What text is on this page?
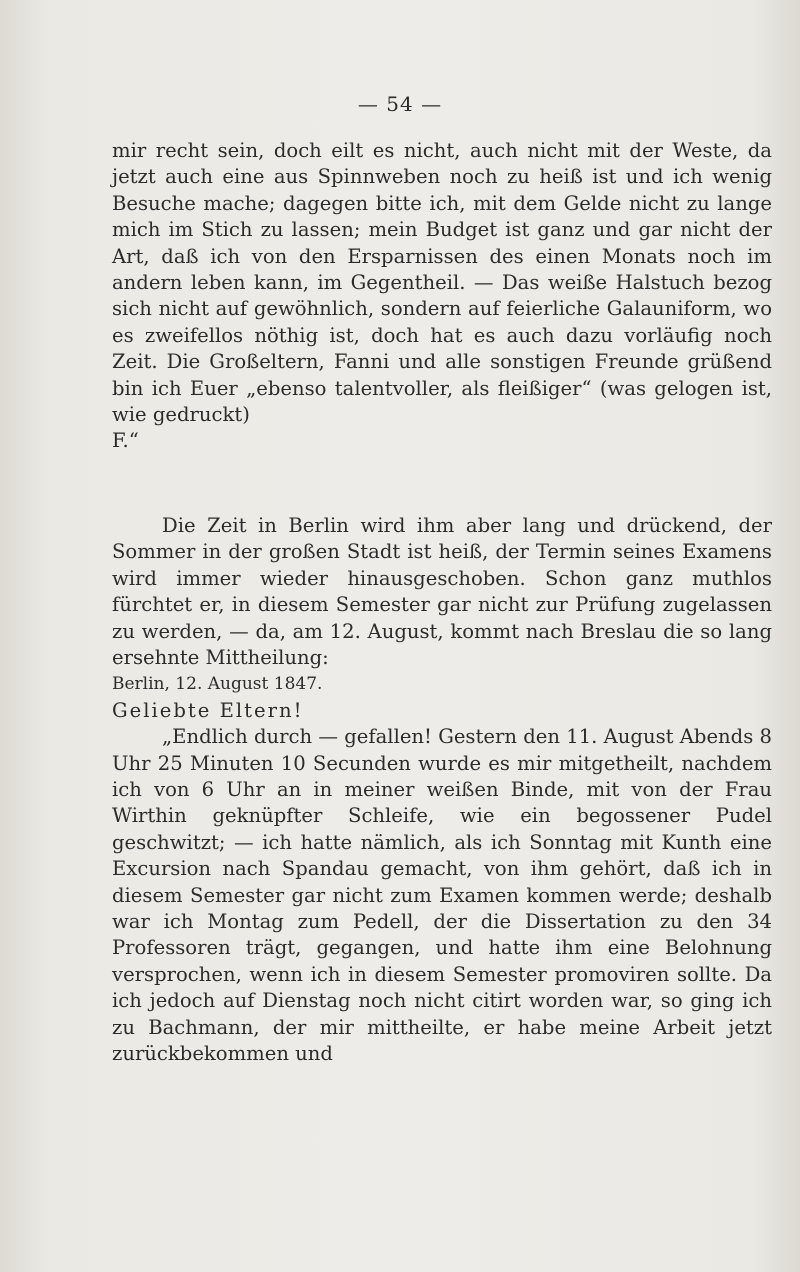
— 54 —

mir recht sein, doch eilt es nicht, auch nicht mit der Weste, da jetzt auch eine aus Spinnweben noch zu heiß ist und ich wenig Besuche mache; dagegen bitte ich, mit dem Gelde nicht zu lange mich im Stich zu lassen; mein Budget ist ganz und gar nicht der Art, daß ich von den Ersparnissen des einen Monats noch im andern leben kann, im Gegentheil. — Das weiße Halstuch bezog sich nicht auf gewöhnlich, sondern auf feierliche Galauniform, wo es zweifellos nöthig ist, doch hat es auch dazu vorläufig noch Zeit. Die Großeltern, Fanni und alle sonstigen Freunde grüßend bin ich Euer „ebenso talentvoller, als fleißiger“ (was gelogen ist, wie gedruckt)

F.“

Die Zeit in Berlin wird ihm aber lang und drückend, der Sommer in der großen Stadt ist heiß, der Termin seines Examens wird immer wieder hinausgeschoben. Schon ganz muthlos fürchtet er, in diesem Semester gar nicht zur Prüfung zugelassen zu werden, — da, am 12. August, kommt nach Breslau die so lang ersehnte Mittheilung:

Berlin, 12. August 1847.

Geliebte Eltern!

„Endlich durch — gefallen! Gestern den 11. August Abends 8 Uhr 25 Minuten 10 Secunden wurde es mir mitgetheilt, nachdem ich von 6 Uhr an in meiner weißen Binde, mit von der Frau Wirthin geknüpfter Schleife, wie ein begossener Pudel geschwitzt; — ich hatte nämlich, als ich Sonntag mit Kunth eine Excursion nach Spandau gemacht, von ihm gehört, daß ich in diesem Semester gar nicht zum Examen kommen werde; deshalb war ich Montag zum Pedell, der die Dissertation zu den 34 Professoren trägt, gegangen, und hatte ihm eine Belohnung versprochen, wenn ich in diesem Semester promoviren sollte. Da ich jedoch auf Dienstag noch nicht citirt worden war, so ging ich zu Bachmann, der mir mittheilte, er habe meine Arbeit jetzt zurückbekommen und
